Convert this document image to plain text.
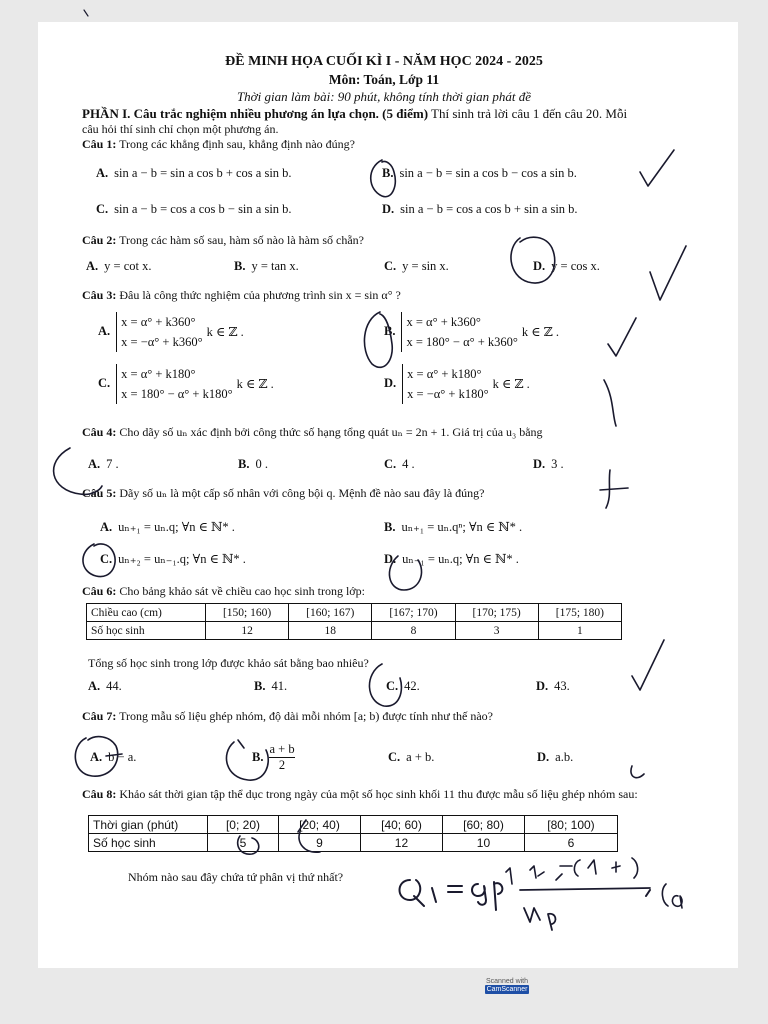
ĐỀ MINH HỌA CUỐI KÌ I - NĂM HỌC 2024 - 2025
Môn: Toán, Lớp 11
Thời gian làm bài: 90 phút, không tính thời gian phát đề
PHẦN I. Câu trắc nghiệm nhiều phương án lựa chọn. (5 điểm) Thí sinh trả lời câu 1 đến câu 20. Mỗi
câu hỏi thí sinh chỉ chọn một phương án.
Câu 1: Trong các khẳng định sau, khẳng định nào đúng?
A. sin a − b = sin a cos b + cos a sin b.	B. sin a − b = sin a cos b − cos a sin b.
C. sin a − b = cos a cos b − sin a sin b.	D. sin a − b = cos a cos b + sin a sin b.
Câu 2: Trong các hàm số sau, hàm số nào là hàm số chẵn?
A. y = cot x.	B. y = tan x.	C. y = sin x.	D. y = cos x.
Câu 3: Đâu là công thức nghiệm của phương trình sin x = sin α° ?
A.x = α° + k360°
x = −α° + k360°k ∈ ℤ .	B.x = α° + k360°
x = 180° − α° + k360°k ∈ ℤ .
C.x = α° + k180°
x = 180° − α° + k180°k ∈ ℤ .	D.x = α° + k180°
x = −α° + k180°k ∈ ℤ .
Câu 4: Cho dãy số uₙ xác định bởi công thức số hạng tổng quát uₙ = 2n + 1. Giá trị của u₃ bằng
A. 7 .	B. 0 .	C. 4 .	D. 3 .
Câu 5: Dãy số uₙ là một cấp số nhân với công bội q. Mệnh đề nào sau đây là đúng?
A. uₙ₊₁ = uₙ.q; ∀n ∈ ℕ* .	B. uₙ₊₁ = uₙ.qⁿ; ∀n ∈ ℕ* .
C. uₙ₊₂ = uₙ₋₁.q; ∀n ∈ ℕ* .	D. uₙ₋₁ = uₙ.q; ∀n ∈ ℕ* .
Câu 6: Cho bảng khảo sát về chiều cao học sinh trong lớp:
Chiều cao (cm)	[150; 160)	[160; 167)	[167; 170)	[170; 175)	[175; 180)
Số học sinh	12	18	8	3	1
Tổng số học sinh trong lớp được khảo sát bằng bao nhiêu?
A. 44.	B. 41.	C. 42.	D. 43.
Câu 7: Trong mẫu số liệu ghép nhóm, độ dài mỗi nhóm [a; b) được tính như thế nào?
A. b − a.	B. $\frac{a + b}{2}$	C. a + b.	D. a.b.
Câu 8: Khảo sát thời gian tập thể dục trong ngày của một số học sinh khối 11 thu được mẫu số liệu ghép nhóm sau:
Thời gian (phút)	[0; 20)	[20; 40)	[40; 60)	[60; 80)	[80; 100)
Số học sinh	5	9	12	10	6
Nhóm nào sau đây chứa tứ phân vị thứ nhất?
Scanned with
CamScanner
